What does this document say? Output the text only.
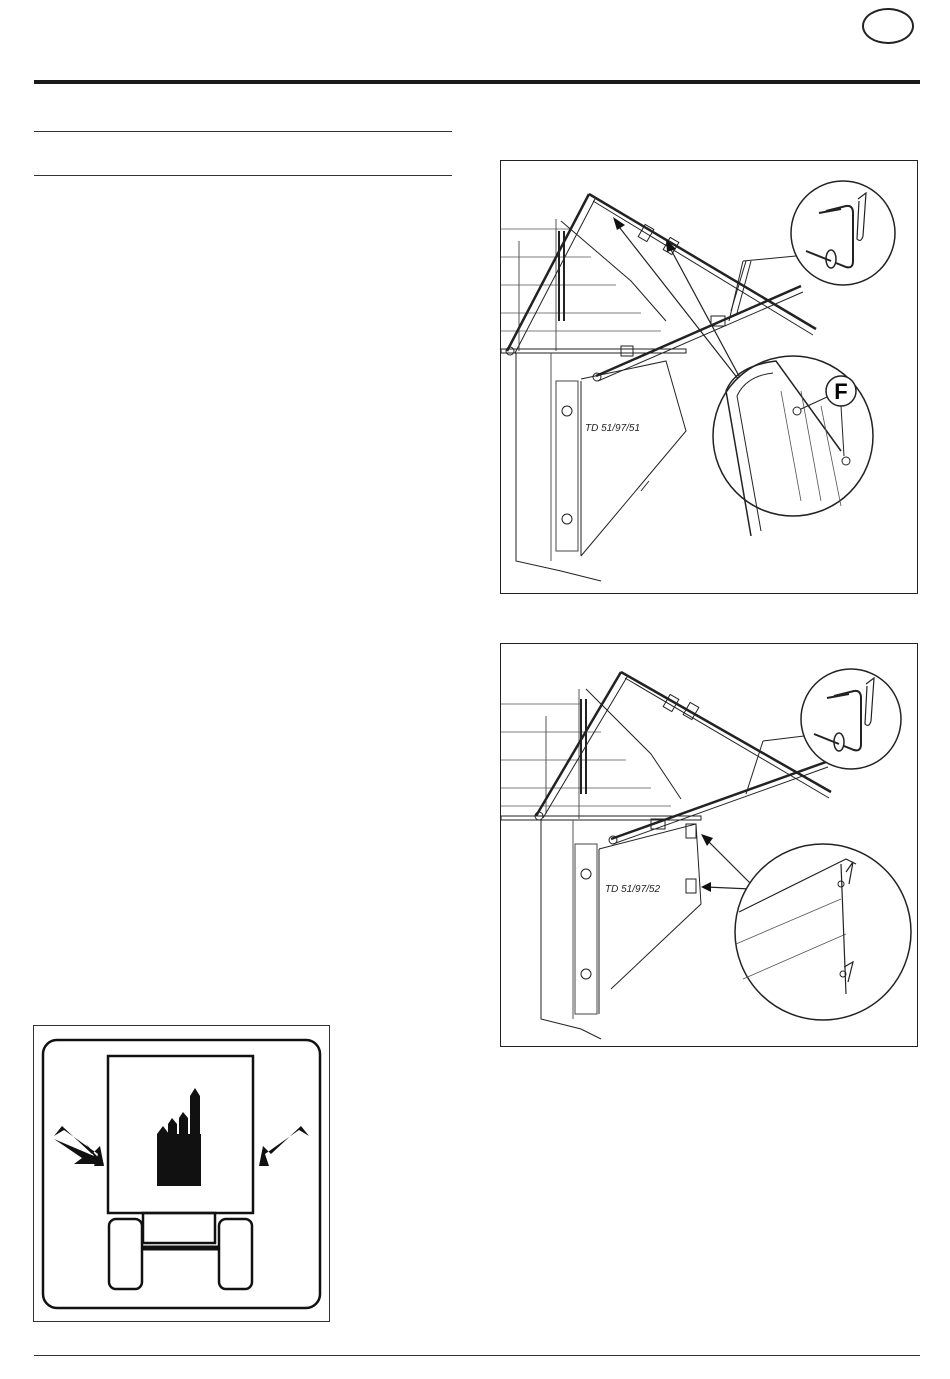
TD 51/97/51
F
TD 51/97/52
